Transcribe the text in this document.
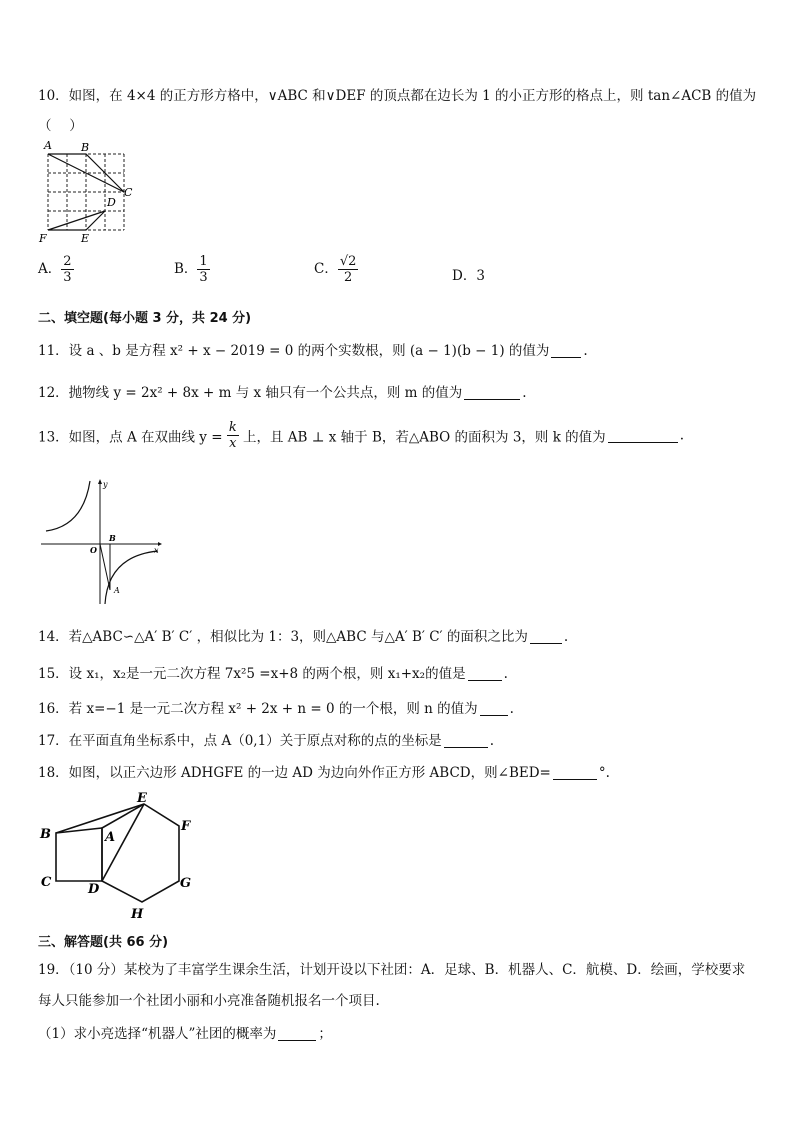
10．如图，在 4×4 的正方形方格中，∨ABC 和∨DEF 的顶点都在边长为 1 的小正方形的格点上，则 tan∠ACB 的值为
（　 ）
A	B
C
D
E
F
A． $\frac{2}{3}$	B． $\frac{1}{3}$	C． $\frac{√2}{2}$	D．3
二、填空题(每小题 3 分，共 24 分)
11．设 a 、b 是方程 x² + x − 2019 = 0 的两个实数根，则 (a − 1)(b − 1) 的值为	.
12．抛物线 y = 2x² + 8x + m 与 x 轴只有一个公共点，则 m 的值为	.
13．如图，点 A 在双曲线 $y = \frac{k}{x}$ 上，且 AB ⊥ x 轴于 B，若△ABO 的面积为 3，则 k 的值为	.
y
x
O
B
A
14．若△ABC∽△A′ B′ C′ ，相似比为 1：3，则△ABC 与△A′ B′ C′ 的面积之比为	.
15．设 x₁，x₂是一元二次方程 7x²5 =x+8 的两个根，则 x₁+x₂的值是	.
16．若 x=−1 是一元二次方程 x² + 2x + n = 0 的一个根，则 n 的值为 .
17．在平面直角坐标系中，点 A（0,1）关于原点对称的点的坐标是	.
18．如图，以正六边形 ADHGFE 的一边 AD 为边向外作正方形 ABCD，则∠BED=	°.
E
F
B	A
C	D	G
H
三、解答题(共 66 分)
19．（10 分）某校为了丰富学生课余生活，计划开设以下社团：A．足球、B．机器人、C．航模、D．绘画，学校要求
每人只能参加一个社团小丽和小亮准备随机报名一个项目.
（1）求小亮选择“机器人”社团的概率为	；
